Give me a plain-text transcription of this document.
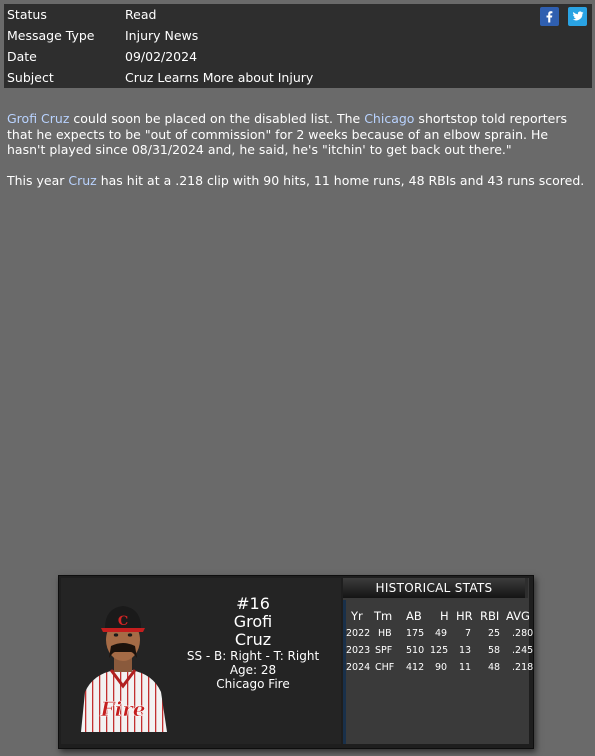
Status	Read
Message Type	Injury News
Date	09/02/2024
Subject	Cruz Learns More about Injury

Grofi Cruz could soon be placed on the disabled list. The Chicago shortstop told reporters that he expects to be "out of commission" for 2 weeks because of an elbow sprain. He hasn't played since 08/31/2024 and, he said, he's "itchin' to get back out there."

This year Cruz has hit at a .218 clip with 90 hits, 11 home runs, 48 RBIs and 43 runs scored.

Fire
C
#16
Grofi
Cruz
SS - B: Right - T: Right
Age: 28
Chicago Fire
HISTORICAL STATS
Yr Tm AB H HR RBI AVG
2022 HB 175 49 7 25 .280
2023 SPF 510 125 13 58 .245
2024 CHF 412 90 11 48 .218
